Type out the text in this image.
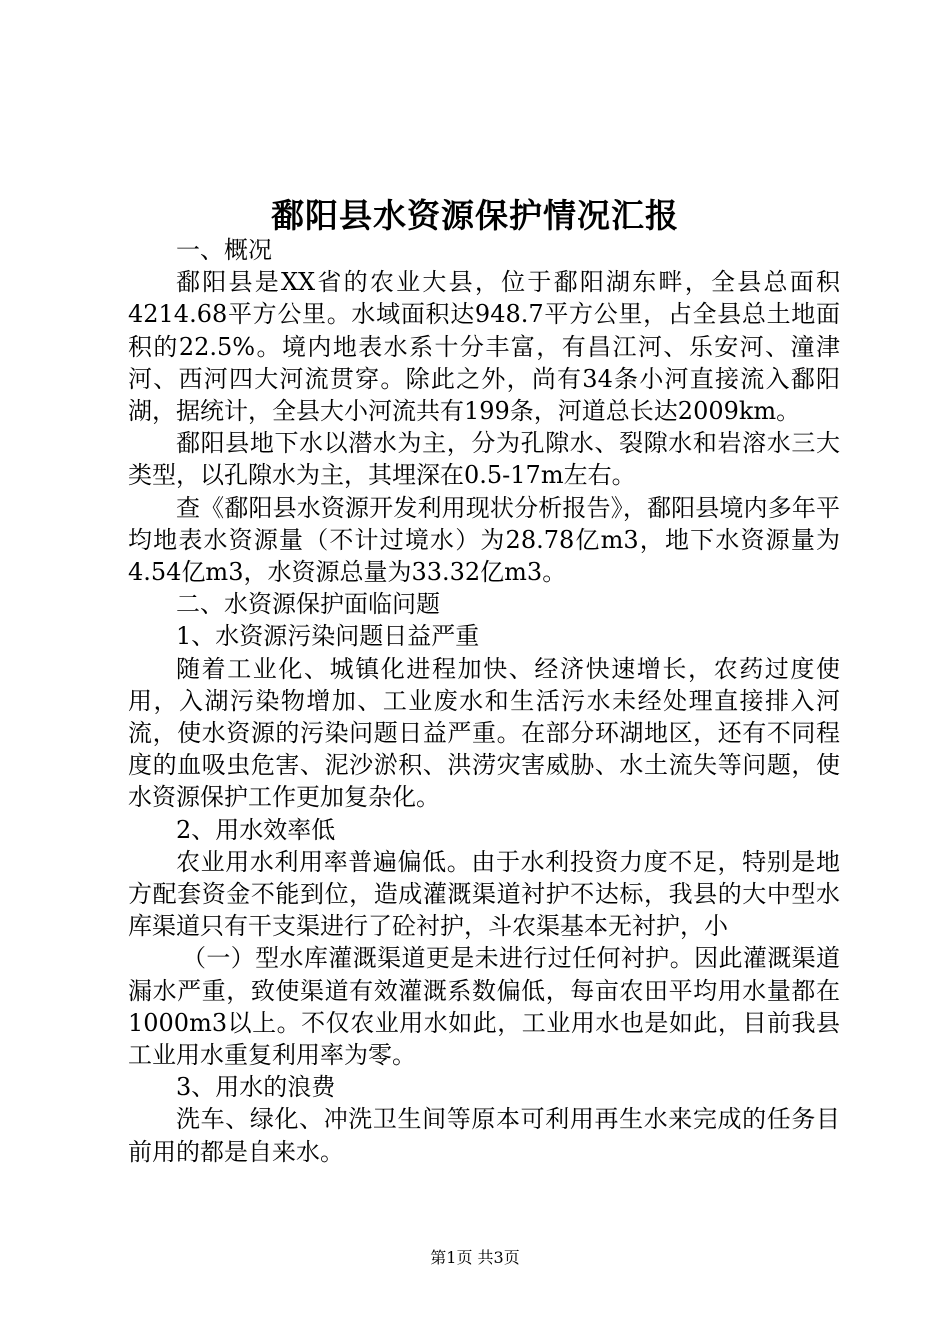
鄱阳县水资源保护情况汇报

一、概况

鄱阳县是XX省的农业大县，位于鄱阳湖东畔，全县总面积4214.68平方公里。水域面积达948.7平方公里，占全县总土地面积的22.5%。境内地表水系十分丰富，有昌江河、乐安河、潼津河、西河四大河流贯穿。除此之外，尚有34条小河直接流入鄱阳湖，据统计，全县大小河流共有199条，河道总长达2009km。

鄱阳县地下水以潜水为主，分为孔隙水、裂隙水和岩溶水三大类型，以孔隙水为主，其埋深在0.5-17m左右。

查《鄱阳县水资源开发利用现状分析报告》，鄱阳县境内多年平均地表水资源量（不计过境水）为28.78亿m3，地下水资源量为4.54亿m3，水资源总量为33.32亿m3。

二、水资源保护面临问题

1、水资源污染问题日益严重

随着工业化、城镇化进程加快、经济快速增长，农药过度使用，入湖污染物增加、工业废水和生活污水未经处理直接排入河流，使水资源的污染问题日益严重。在部分环湖地区，还有不同程度的血吸虫危害、泥沙淤积、洪涝灾害威胁、水土流失等问题，使水资源保护工作更加复杂化。

2、用水效率低

农业用水利用率普遍偏低。由于水利投资力度不足，特别是地方配套资金不能到位，造成灌溉渠道衬护不达标，我县的大中型水库渠道只有干支渠进行了砼衬护，斗农渠基本无衬护，小

（一）型水库灌溉渠道更是未进行过任何衬护。因此灌溉渠道漏水严重，致使渠道有效灌溉系数偏低，每亩农田平均用水量都在1000m3以上。不仅农业用水如此，工业用水也是如此，目前我县工业用水重复利用率为零。

3、用水的浪费

洗车、绿化、冲洗卫生间等原本可利用再生水来完成的任务目前用的都是自来水。

第1页 共3页
